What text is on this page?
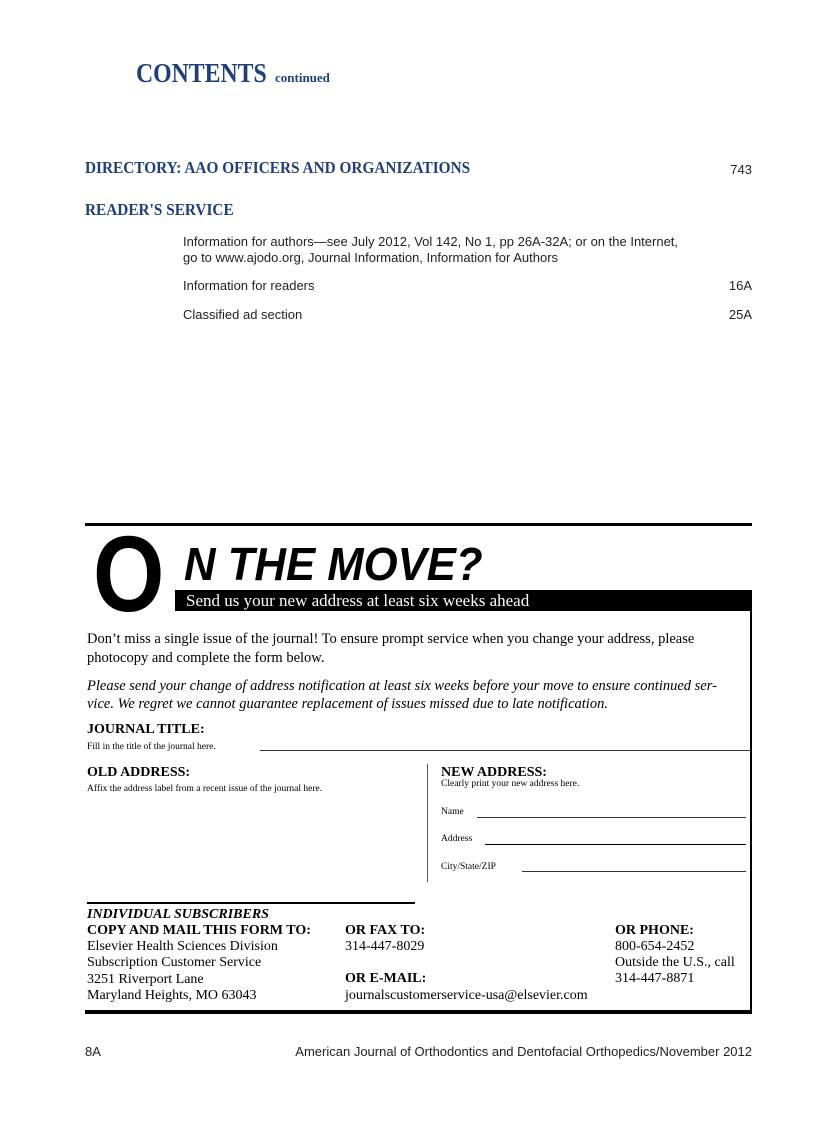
CONTENTS continued
DIRECTORY: AAO OFFICERS AND ORGANIZATIONS	743
READER'S SERVICE
Information for authors—see July 2012, Vol 142, No 1, pp 26A-32A; or on the Internet,
go to www.ajodo.org, Journal Information, Information for Authors
Information for readers	16A
Classified ad section	25A
O N THE MOVE?
Send us your new address at least six weeks ahead
Don’t miss a single issue of the journal! To ensure prompt service when you change your address, please
photocopy and complete the form below.
Please send your change of address notification at least six weeks before your move to ensure continued ser-
vice. We regret we cannot guarantee replacement of issues missed due to late notification.
JOURNAL TITLE:
Fill in the title of the journal here.
OLD ADDRESS:
Affix the address label from a recent issue of the journal here.
NEW ADDRESS:
Clearly print your new address here.
Name
Address
City/State/ZIP
INDIVIDUAL SUBSCRIBERS
COPY AND MAIL THIS FORM TO:
Elsevier Health Sciences Division
Subscription Customer Service
3251 Riverport Lane
Maryland Heights, MO 63043
OR FAX TO:
314-447-8029
OR E-MAIL:
journalscustomerservice-usa@elsevier.com
OR PHONE:
800-654-2452
Outside the U.S., call
314-447-8871
8A	American Journal of Orthodontics and Dentofacial Orthopedics/November 2012
